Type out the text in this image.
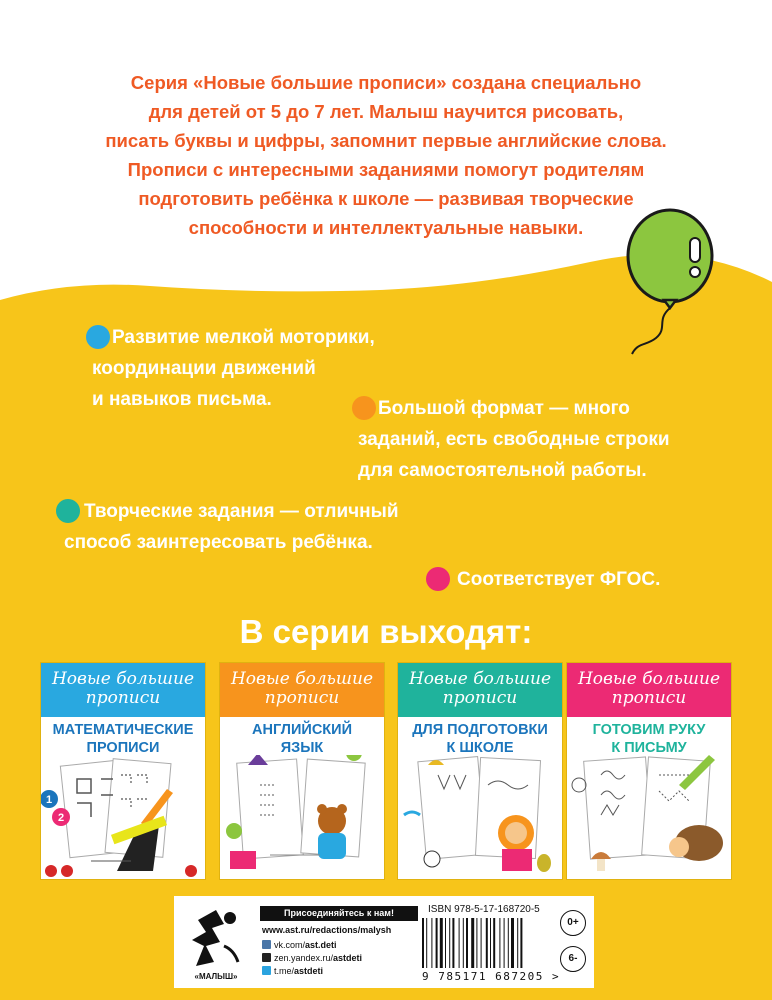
Серия «Новые большие прописи» создана специально
для детей от 5 до 7 лет. Малыш научится рисовать,
писать буквы и цифры, запомнит первые английские слова.
Прописи с интересными заданиями помогут родителям
подготовить ребёнка к школе — развивая творческие
способности и интеллектуальные навыки.
Развитие мелкой моторики,
координации движений
и навыков письма.	Большой формат — много
заданий, есть свободные строки
для самостоятельной работы.
Творческие задания — отличный
способ заинтересовать ребёнка.
Соответствует ФГОС.
В серии выходят:
Новые большие
прописи
МАТЕМАТИЧЕСКИЕ
ПРОПИСИ
1
2
Новые большие
прописи
АНГЛИЙСКИЙ
ЯЗЫК
Новые большие
прописи
ДЛЯ ПОДГОТОВКИ
К ШКОЛЕ
Новые большие
прописи
ГОТОВИМ РУКУ
К ПИСЬМУ
«МАЛЫШ»
Присоединяйтесь к нам!
www.ast.ru/redactions/malysh
vk.com/ast.deti
zen.yandex.ru/astdeti
t.me/astdeti
ISBN 978-5-17-168720-5
9 785171 687205 >
0+
6-
